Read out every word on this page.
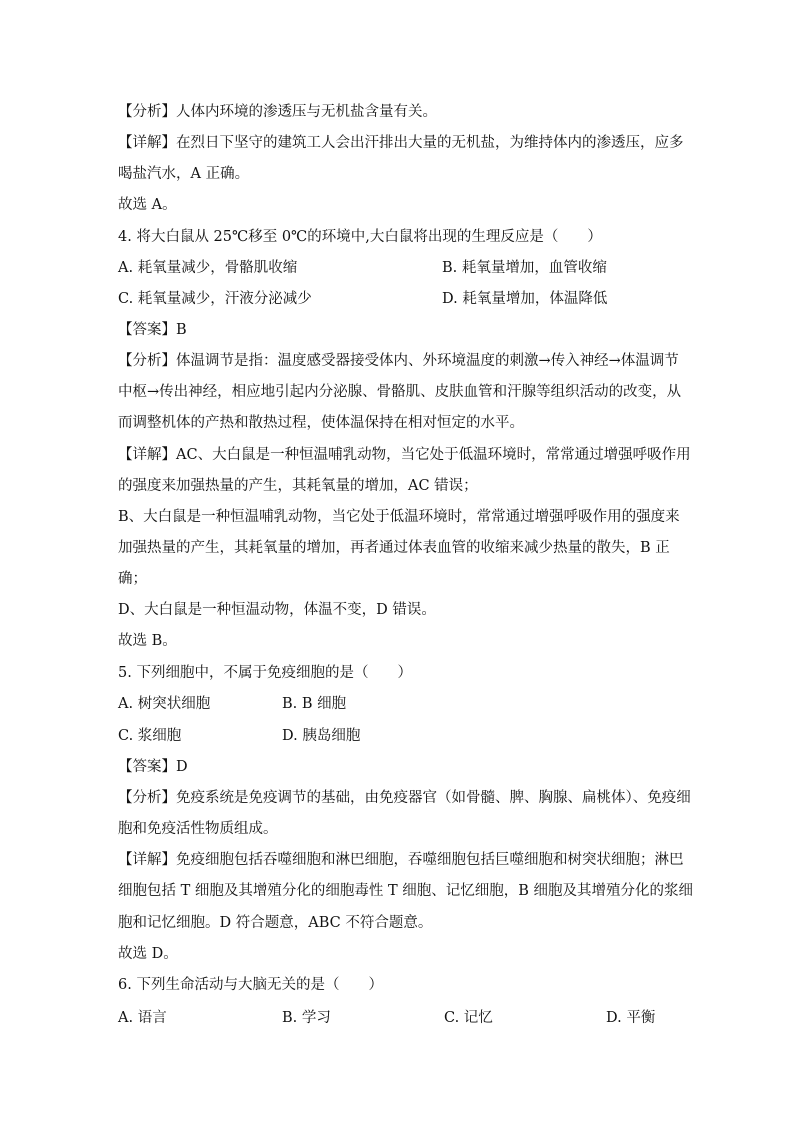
【分析】人体内环境的渗透压与无机盐含量有关。
【详解】在烈日下坚守的建筑工人会出汗排出大量的无机盐，为维持体内的渗透压，应多
喝盐汽水，A 正确。
故选 A。
4. 将大白鼠从 25℃移至 0℃的环境中,大白鼠将出现的生理反应是（　　）
A. 耗氧量减少，骨骼肌收缩	B. 耗氧量增加，血管收缩
C. 耗氧量减少，汗液分泌减少	D. 耗氧量增加，体温降低
【答案】B
【分析】体温调节是指：温度感受器接受体内、外环境温度的刺激→传入神经→体温调节
中枢→传出神经，相应地引起内分泌腺、骨骼肌、皮肤血管和汗腺等组织活动的改变，从
而调整机体的产热和散热过程，使体温保持在相对恒定的水平。
【详解】AC、大白鼠是一种恒温哺乳动物，当它处于低温环境时，常常通过增强呼吸作用
的强度来加强热量的产生，其耗氧量的增加，AC 错误；
B、大白鼠是一种恒温哺乳动物，当它处于低温环境时，常常通过增强呼吸作用的强度来
加强热量的产生，其耗氧量的增加，再者通过体表血管的收缩来减少热量的散失，B 正
确；
D、大白鼠是一种恒温动物，体温不变，D 错误。
故选 B。
5. 下列细胞中，不属于免疫细胞的是（　　）
A. 树突状细胞	B. B 细胞
C. 浆细胞	D. 胰岛细胞
【答案】D
【分析】免疫系统是免疫调节的基础，由免疫器官（如骨髓、脾、胸腺、扁桃体）、免疫细
胞和免疫活性物质组成。
【详解】免疫细胞包括吞噬细胞和淋巴细胞，吞噬细胞包括巨噬细胞和树突状细胞；淋巴
细胞包括 T 细胞及其增殖分化的细胞毒性 T 细胞、记忆细胞，B 细胞及其增殖分化的浆细
胞和记忆细胞。D 符合题意，ABC 不符合题意。
故选 D。
6. 下列生命活动与大脑无关的是（　　）
A. 语言	B. 学习	C. 记忆	D. 平衡
